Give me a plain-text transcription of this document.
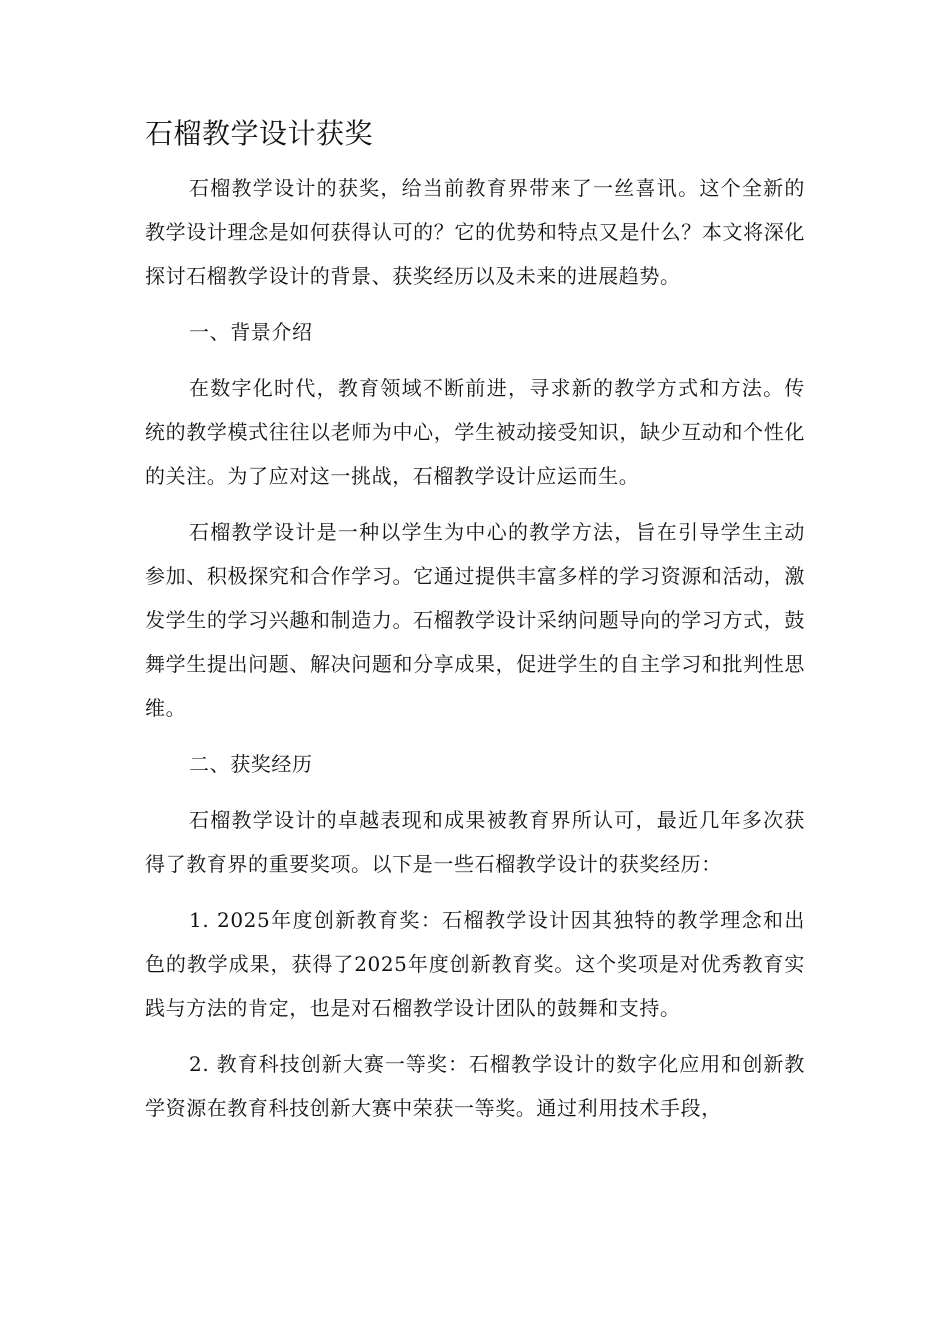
石榴教学设计获奖

石榴教学设计的获奖，给当前教育界带来了一丝喜讯。这个全新的教学设计理念是如何获得认可的？它的优势和特点又是什么？本文将深化探讨石榴教学设计的背景、获奖经历以及未来的进展趋势。

一、背景介绍

在数字化时代，教育领域不断前进，寻求新的教学方式和方法。传统的教学模式往往以老师为中心，学生被动接受知识，缺少互动和个性化的关注。为了应对这一挑战，石榴教学设计应运而生。

石榴教学设计是一种以学生为中心的教学方法，旨在引导学生主动参加、积极探究和合作学习。它通过提供丰富多样的学习资源和活动，激发学生的学习兴趣和制造力。石榴教学设计采纳问题导向的学习方式，鼓舞学生提出问题、解决问题和分享成果，促进学生的自主学习和批判性思维。

二、获奖经历

石榴教学设计的卓越表现和成果被教育界所认可，最近几年多次获得了教育界的重要奖项。以下是一些石榴教学设计的获奖经历：

1. 2025年度创新教育奖：石榴教学设计因其独特的教学理念和出色的教学成果，获得了2025年度创新教育奖。这个奖项是对优秀教育实践与方法的肯定，也是对石榴教学设计团队的鼓舞和支持。

2. 教育科技创新大赛一等奖：石榴教学设计的数字化应用和创新教学资源在教育科技创新大赛中荣获一等奖。通过利用技术手段，
